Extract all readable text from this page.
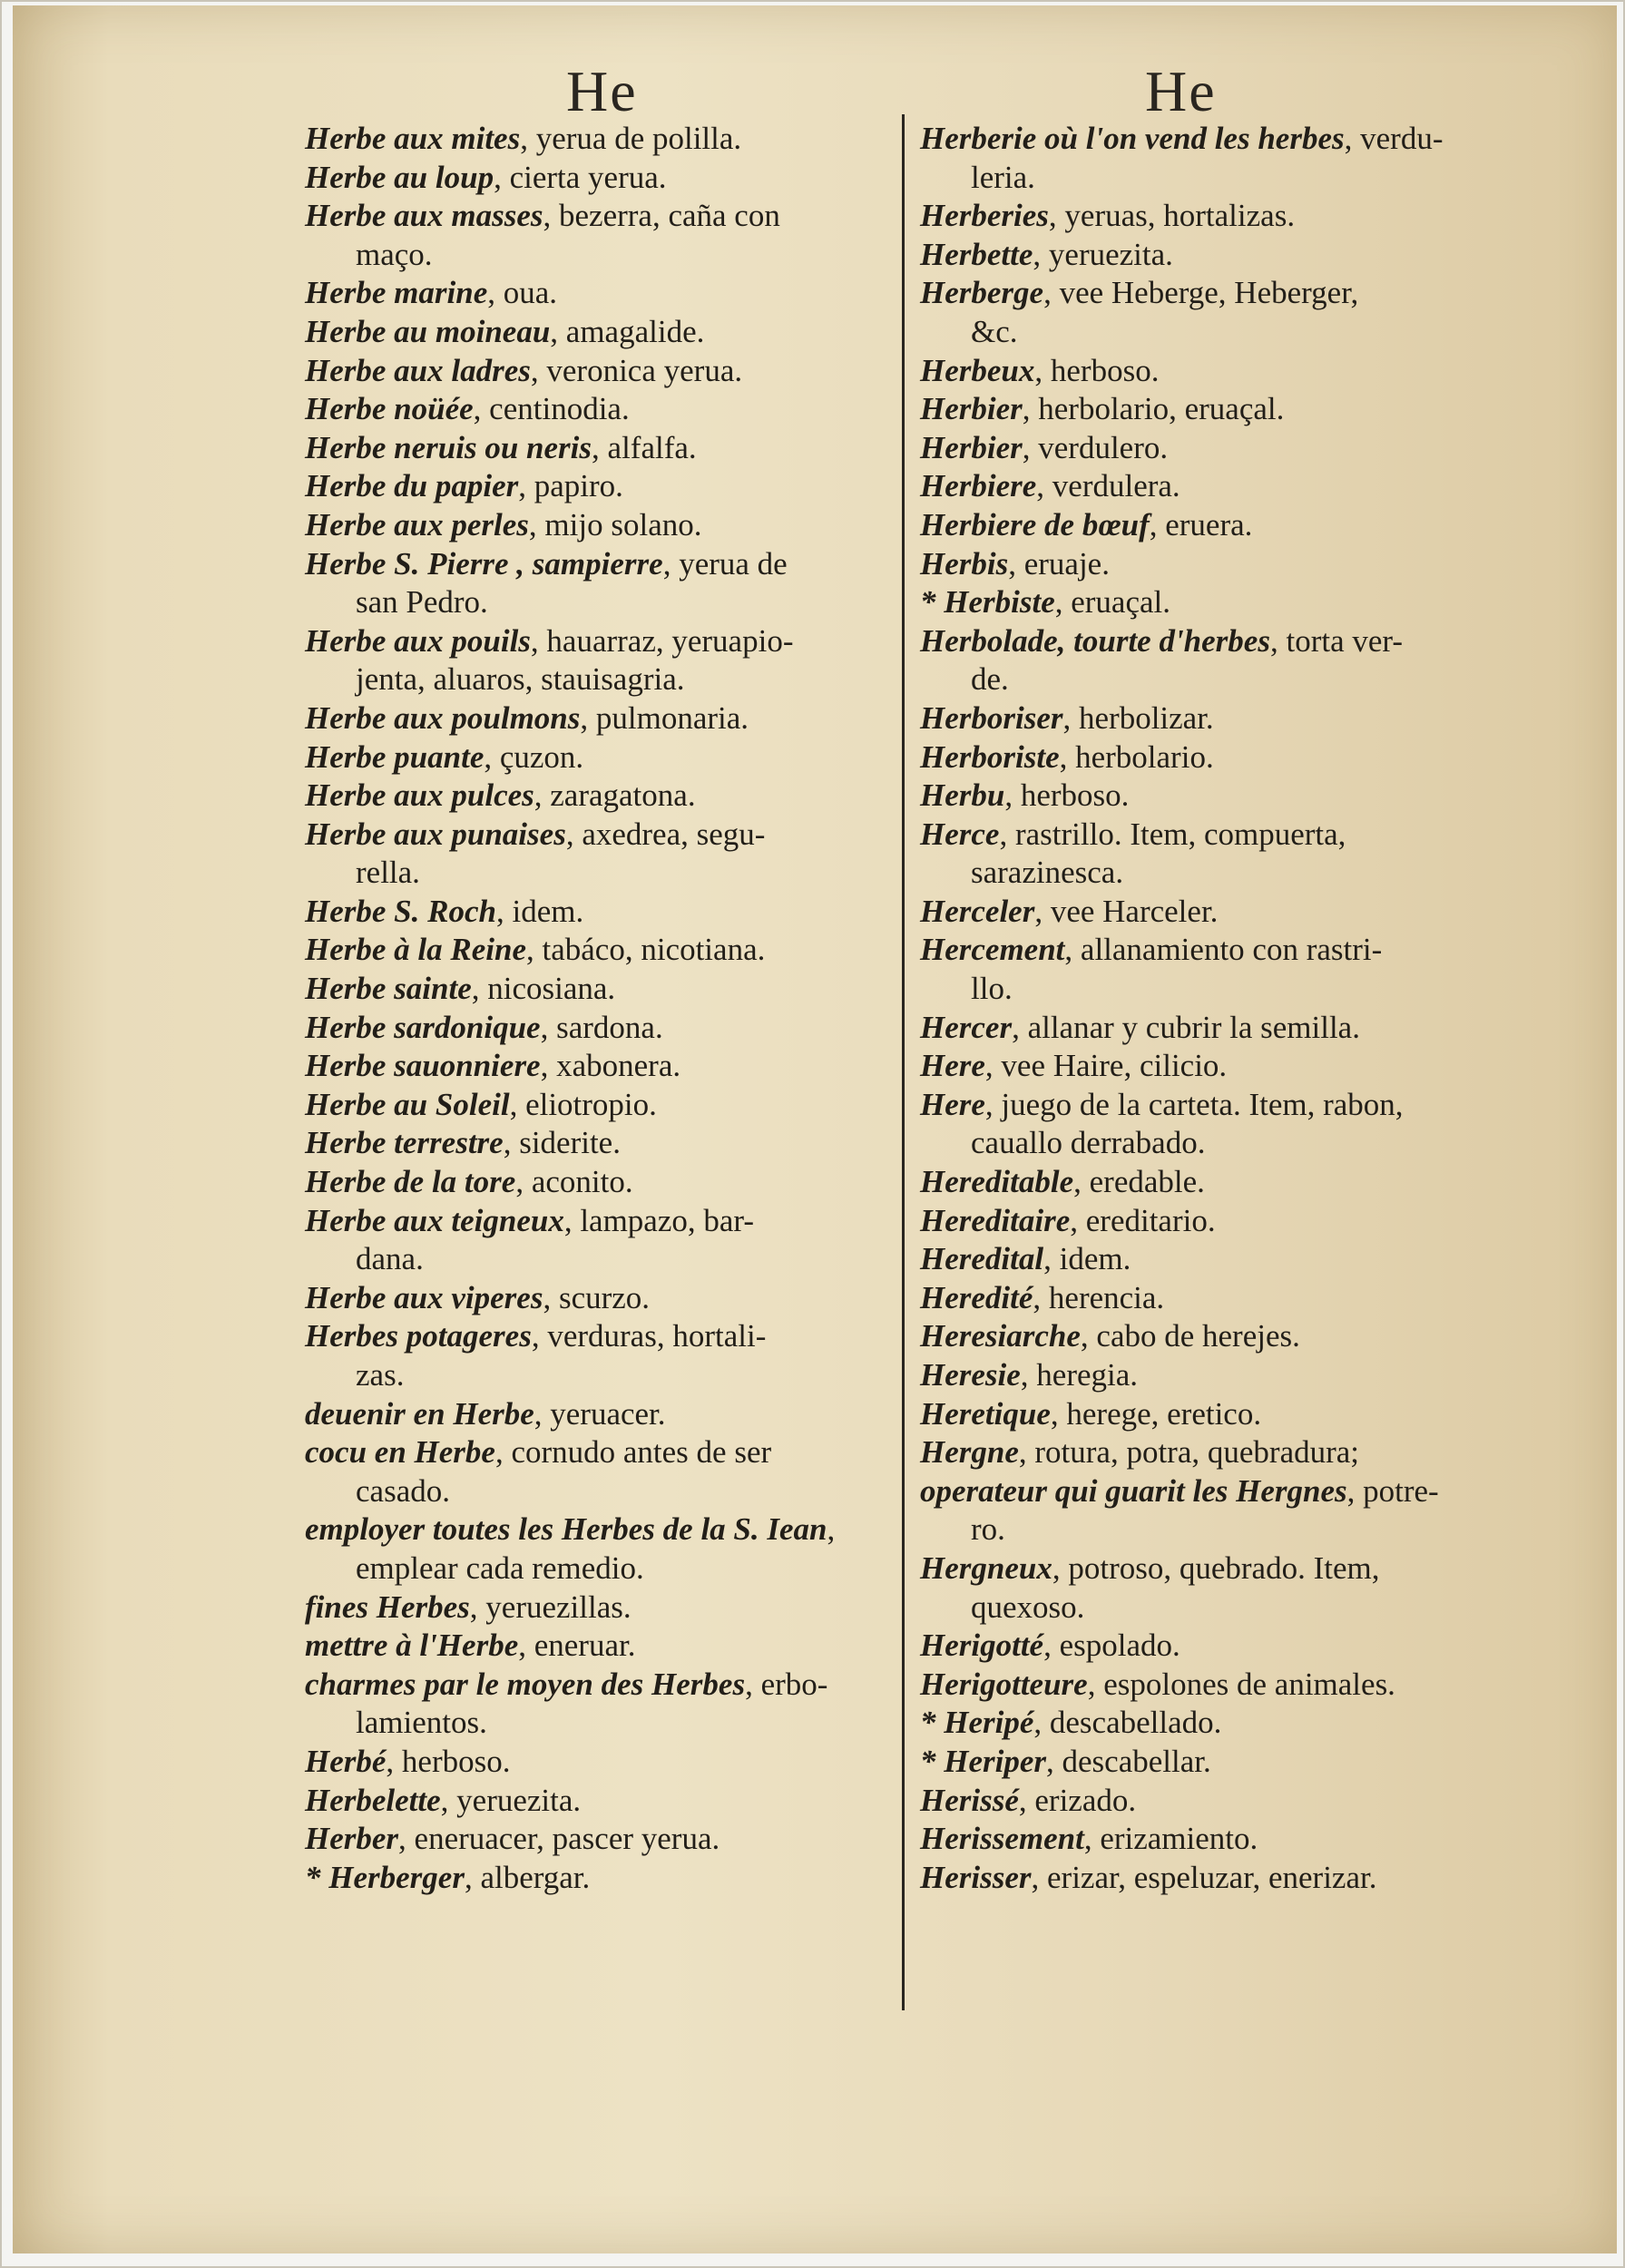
He	He
Herbe aux mites, yerua de polilla.
Herbe au loup, cierta yerua.
Herbe aux masses, bezerra, caña con
maço.
Herbe marine, oua.
Herbe au moineau, amagalide.
Herbe aux ladres, veronica yerua.
Herbe noüée, centinodia.
Herbe neruis ou neris, alfalfa.
Herbe du papier, papiro.
Herbe aux perles, mijo solano.
Herbe S. Pierre , sampierre, yerua de
san Pedro.
Herbe aux pouils, hauarraz, yeruapio-
jenta, aluaros, stauisagria.
Herbe aux poulmons, pulmonaria.
Herbe puante, çuzon.
Herbe aux pulces, zaragatona.
Herbe aux punaises, axedrea, segu-
rella.
Herbe S. Roch, idem.
Herbe à la Reine, tabáco, nicotiana.
Herbe sainte, nicosiana.
Herbe sardonique, sardona.
Herbe sauonniere, xabonera.
Herbe au Soleil, eliotropio.
Herbe terrestre, siderite.
Herbe de la tore, aconito.
Herbe aux teigneux, lampazo, bar-
dana.
Herbe aux viperes, scurzo.
Herbes potageres, verduras, hortali-
zas.
deuenir en Herbe, yeruacer.
cocu en Herbe, cornudo antes de ser
casado.
employer toutes les Herbes de la S. Iean,
emplear cada remedio.
fines Herbes, yeruezillas.
mettre à l'Herbe, eneruar.
charmes par le moyen des Herbes, erbo-
lamientos.
Herbé, herboso.
Herbelette, yeruezita.
Herber, eneruacer, pascer yerua.
* Herberger, albergar.
Herberie où l'on vend les herbes, verdu-
leria.
Herberies, yeruas, hortalizas.
Herbette, yeruezita.
Herberge, vee Heberge, Heberger,
&c.
Herbeux, herboso.
Herbier, herbolario, eruaçal.
Herbier, verdulero.
Herbiere, verdulera.
Herbiere de bœuf, eruera.
Herbis, eruaje.
* Herbiste, eruaçal.
Herbolade, tourte d'herbes, torta ver-
de.
Herboriser, herbolizar.
Herboriste, herbolario.
Herbu, herboso.
Herce, rastrillo. Item, compuerta,
sarazinesca.
Herceler, vee Harceler.
Hercement, allanamiento con rastri-
llo.
Hercer, allanar y cubrir la semilla.
Here, vee Haire, cilicio.
Here, juego de la carteta. Item, rabon,
cauallo derrabado.
Hereditable, eredable.
Hereditaire, ereditario.
Heredital, idem.
Heredité, herencia.
Heresiarche, cabo de herejes.
Heresie, heregia.
Heretique, herege, eretico.
Hergne, rotura, potra, quebradura;
operateur qui guarit les Hergnes, potre-
ro.
Hergneux, potroso, quebrado. Item,
quexoso.
Herigotté, espolado.
Herigotteure, espolones de animales.
* Heripé, descabellado.
* Heriper, descabellar.
Herissé, erizado.
Herissement, erizamiento.
Herisser, erizar, espeluzar, enerizar.
